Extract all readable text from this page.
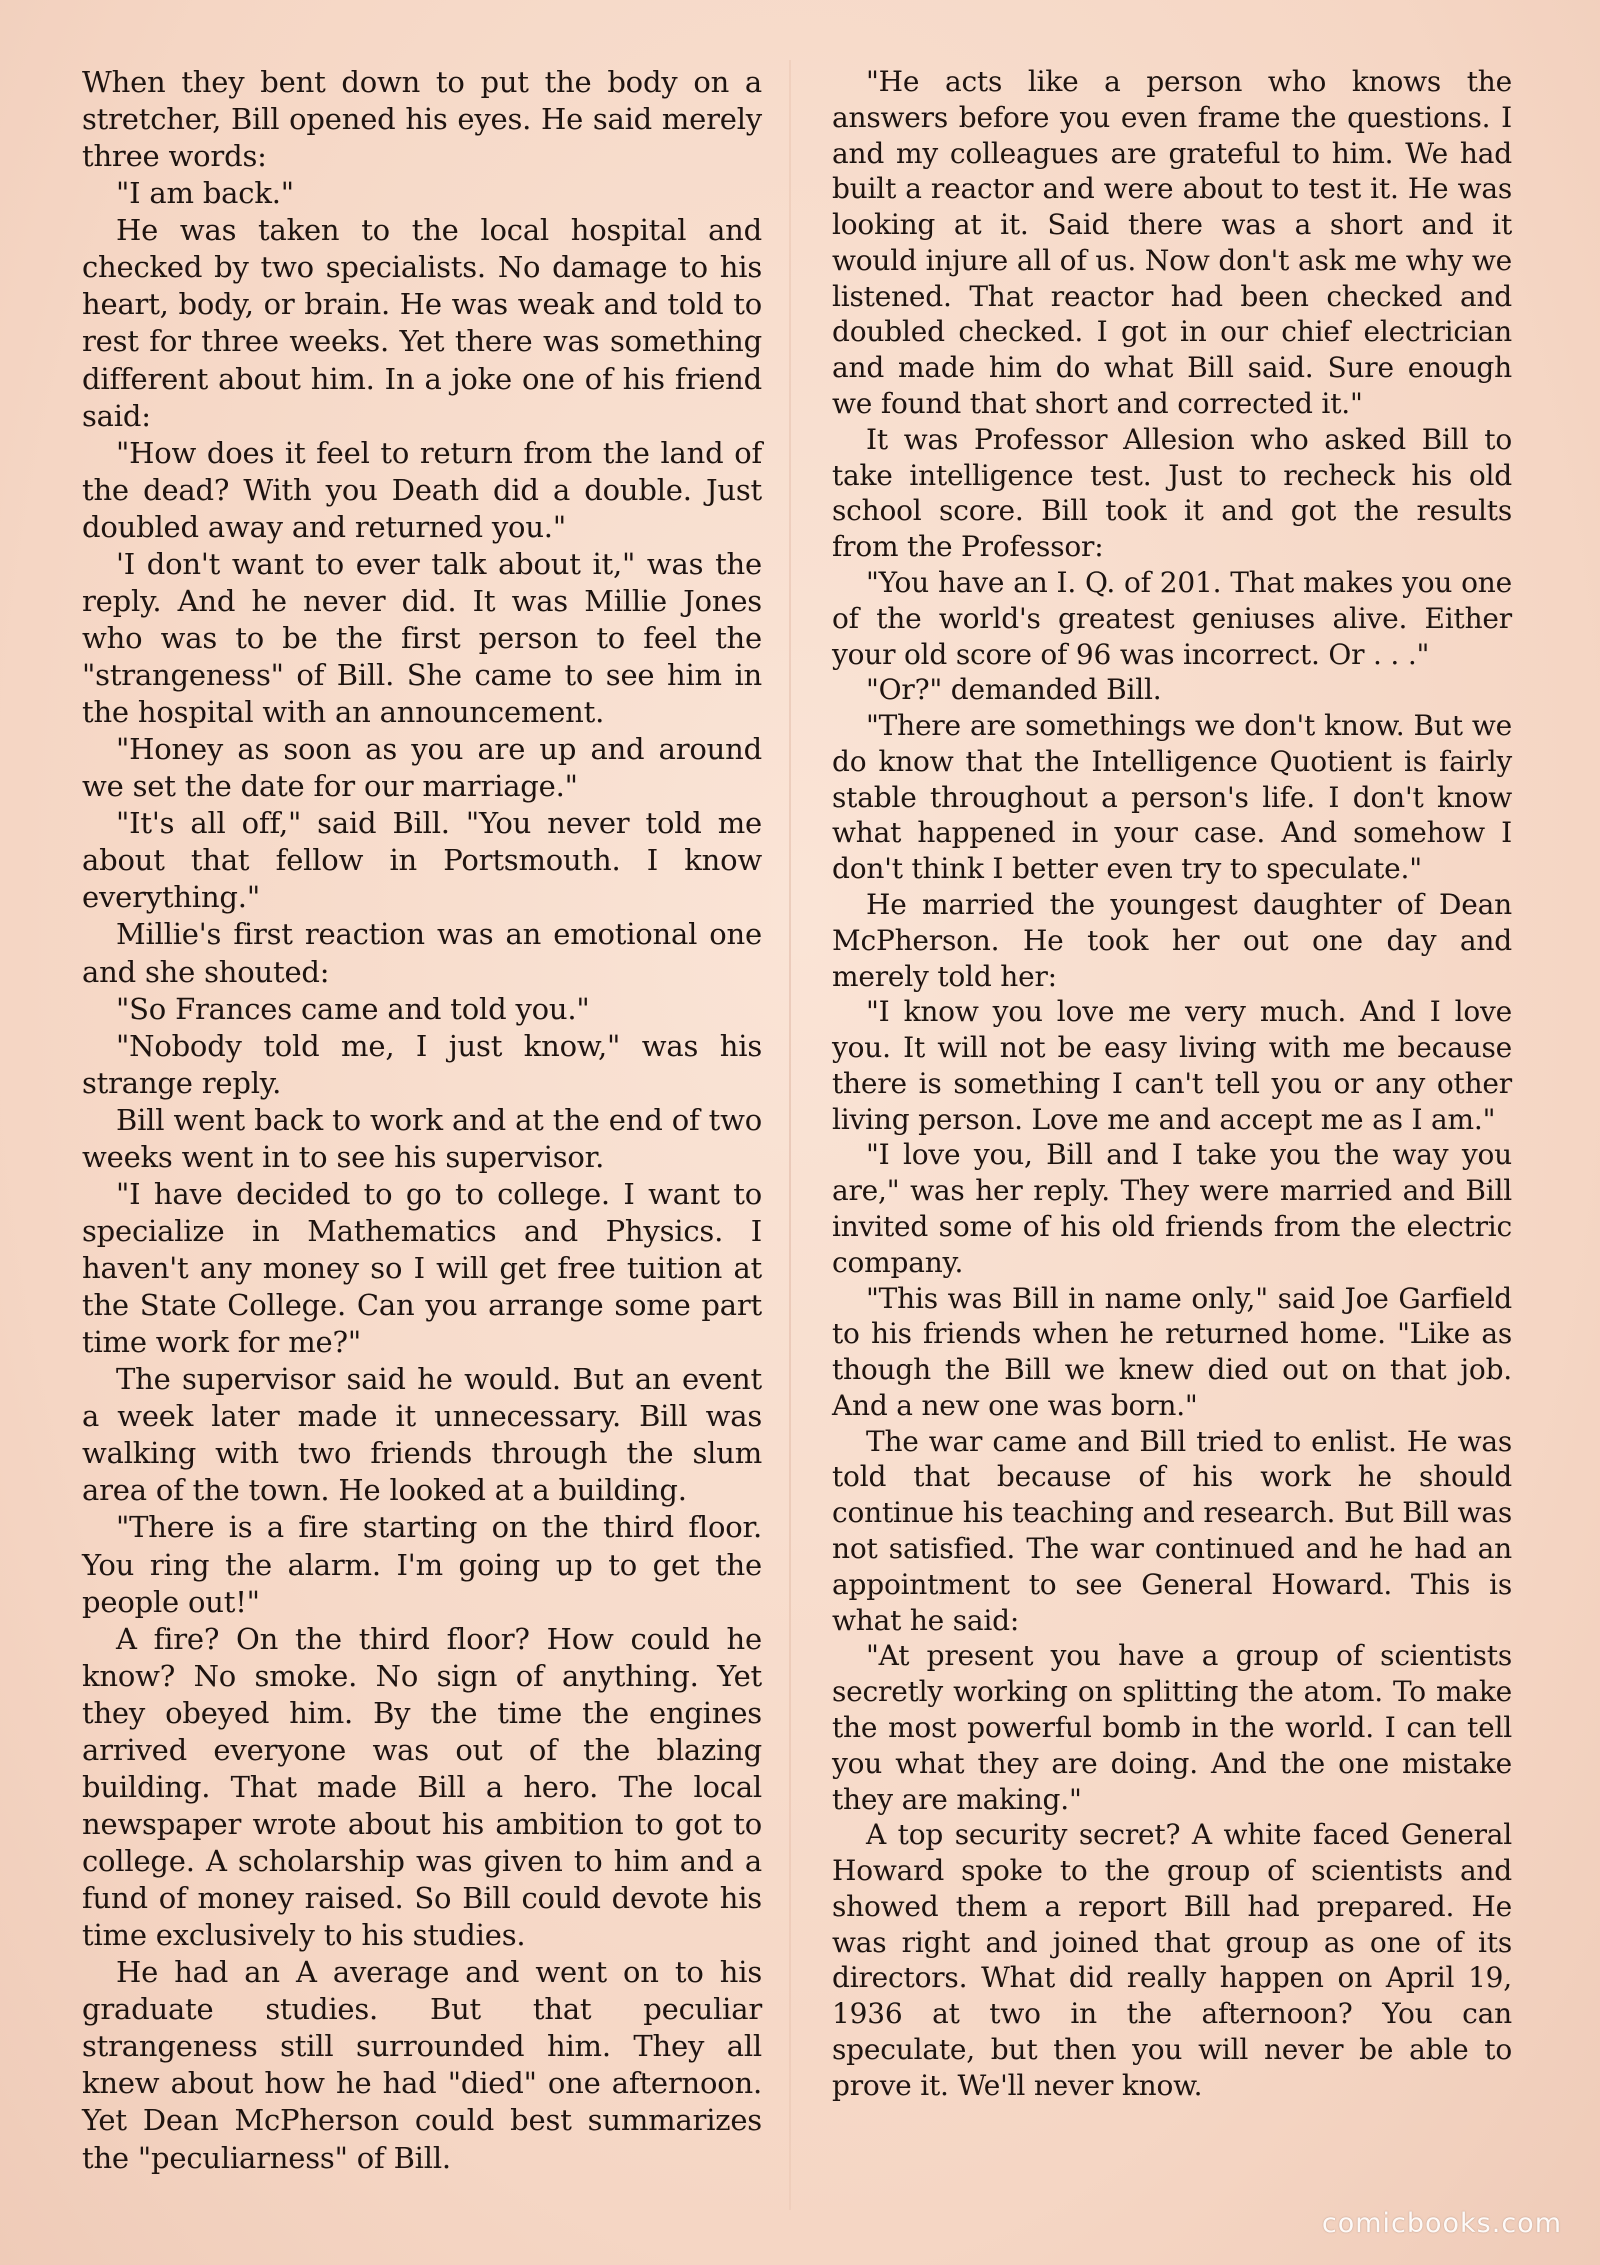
When they bent down to put the body on a stretcher, Bill opened his eyes. He said merely three words:

"I am back."

He was taken to the local hospital and checked by two specialists. No damage to his heart, body, or brain. He was weak and told to rest for three weeks. Yet there was something different about him. In a joke one of his friend said:

"How does it feel to return from the land of the dead? With you Death did a double. Just doubled away and returned you."

'I don't want to ever talk about it," was the reply. And he never did. It was Millie Jones who was to be the first person to feel the "strangeness" of Bill. She came to see him in the hospital with an announcement.

"Honey as soon as you are up and around we set the date for our marriage."

"It's all off," said Bill. "You never told me about that fellow in Portsmouth. I know everything."

Millie's first reaction was an emotional one and she shouted:

"So Frances came and told you."

"Nobody told me, I just know," was his strange reply.

Bill went back to work and at the end of two weeks went in to see his supervisor.

"I have decided to go to college. I want to specialize in Mathematics and Physics. I haven't any money so I will get free tuition at the State College. Can you arrange some part time work for me?"

The supervisor said he would. But an event a week later made it unnecessary. Bill was walking with two friends through the slum area of the town. He looked at a building.

"There is a fire starting on the third floor. You ring the alarm. I'm going up to get the people out!"

A fire? On the third floor? How could he know? No smoke. No sign of anything. Yet they obeyed him. By the time the engines arrived everyone was out of the blazing building. That made Bill a hero. The local newspaper wrote about his ambition to got to college. A scholarship was given to him and a fund of money raised. So Bill could devote his time exclusively to his studies.

He had an A average and went on to his graduate studies. But that peculiar strangeness still surrounded him. They all knew about how he had "died" one afternoon. Yet Dean McPherson could best summarizes the "peculiarness" of Bill.

"He acts like a person who knows the answers before you even frame the questions. I and my colleagues are grateful to him. We had built a reactor and were about to test it. He was looking at it. Said there was a short and it would injure all of us. Now don't ask me why we listened. That reactor had been checked and doubled checked. I got in our chief electrician and made him do what Bill said. Sure enough we found that short and corrected it."

It was Professor Allesion who asked Bill to take intelligence test. Just to recheck his old school score. Bill took it and got the results from the Professor:

"You have an I. Q. of 201. That makes you one of the world's greatest geniuses alive. Either your old score of 96 was incorrect. Or . . ."

"Or?" demanded Bill.

"There are somethings we don't know. But we do know that the Intelligence Quotient is fairly stable throughout a person's life. I don't know what happened in your case. And somehow I don't think I better even try to speculate."

He married the youngest daughter of Dean McPherson. He took her out one day and merely told her:

"I know you love me very much. And I love you. It will not be easy living with me because there is something I can't tell you or any other living person. Love me and accept me as I am."

"I love you, Bill and I take you the way you are," was her reply. They were married and Bill invited some of his old friends from the electric company.

"This was Bill in name only," said Joe Garfield to his friends when he returned home. "Like as though the Bill we knew died out on that job. And a new one was born."

The war came and Bill tried to enlist. He was told that because of his work he should continue his teaching and research. But Bill was not satisfied. The war continued and he had an appointment to see General Howard. This is what he said:

"At present you have a group of scientists secretly working on splitting the atom. To make the most powerful bomb in the world. I can tell you what they are doing. And the one mistake they are making."

A top security secret? A white faced General Howard spoke to the group of scientists and showed them a report Bill had prepared. He was right and joined that group as one of its directors. What did really happen on April 19, 1936 at two in the afternoon? You can speculate, but then you will never be able to prove it. We'll never know.

comicbooks.com
